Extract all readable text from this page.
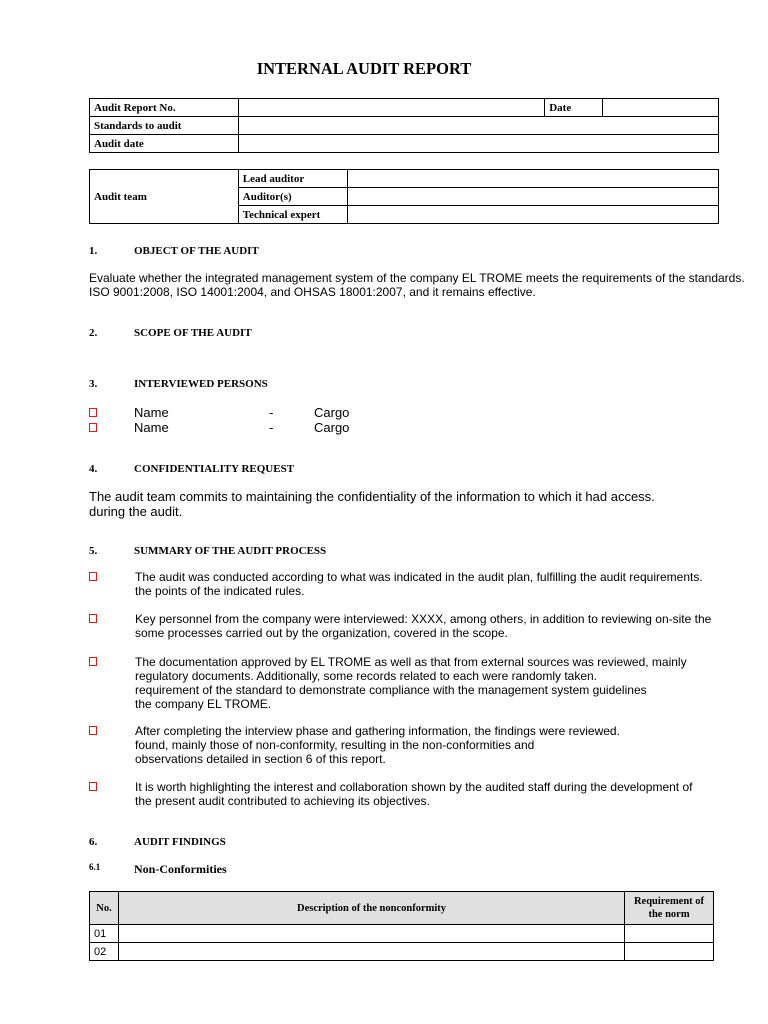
INTERNAL AUDIT REPORT
Audit Report No.		Date	
Standards to audit			
Audit date			
Audit team	Lead auditor	
	Auditor(s)	
	Technical expert	
1.	OBJECT OF THE AUDIT
Evaluate whether the integrated management system of the company EL TROME meets the requirements of the standards.
ISO 9001:2008, ISO 14001:2004, and OHSAS 18001:2007, and it remains effective.
2.	SCOPE OF THE AUDIT
3.	INTERVIEWED PERSONS
Name	-	Cargo
Name	-	Cargo
4.	CONFIDENTIALITY REQUEST
The audit team commits to maintaining the confidentiality of the information to which it had access.
during the audit.
5.	SUMMARY OF THE AUDIT PROCESS
The audit was conducted according to what was indicated in the audit plan, fulfilling the audit requirements.
the points of the indicated rules.
Key personnel from the company were interviewed: XXXX, among others, in addition to reviewing on-site the
some processes carried out by the organization, covered in the scope.
The documentation approved by EL TROME as well as that from external sources was reviewed, mainly
regulatory documents. Additionally, some records related to each were randomly taken.
requirement of the standard to demonstrate compliance with the management system guidelines
the company EL TROME.
After completing the interview phase and gathering information, the findings were reviewed.
found, mainly those of non-conformity, resulting in the non-conformities and
observations detailed in section 6 of this report.
It is worth highlighting the interest and collaboration shown by the audited staff during the development of
the present audit contributed to achieving its objectives.
6.	AUDIT FINDINGS
6.1	Non-Conformities
No.	Description of the nonconformity	Requirement of the norm
01		
02		
